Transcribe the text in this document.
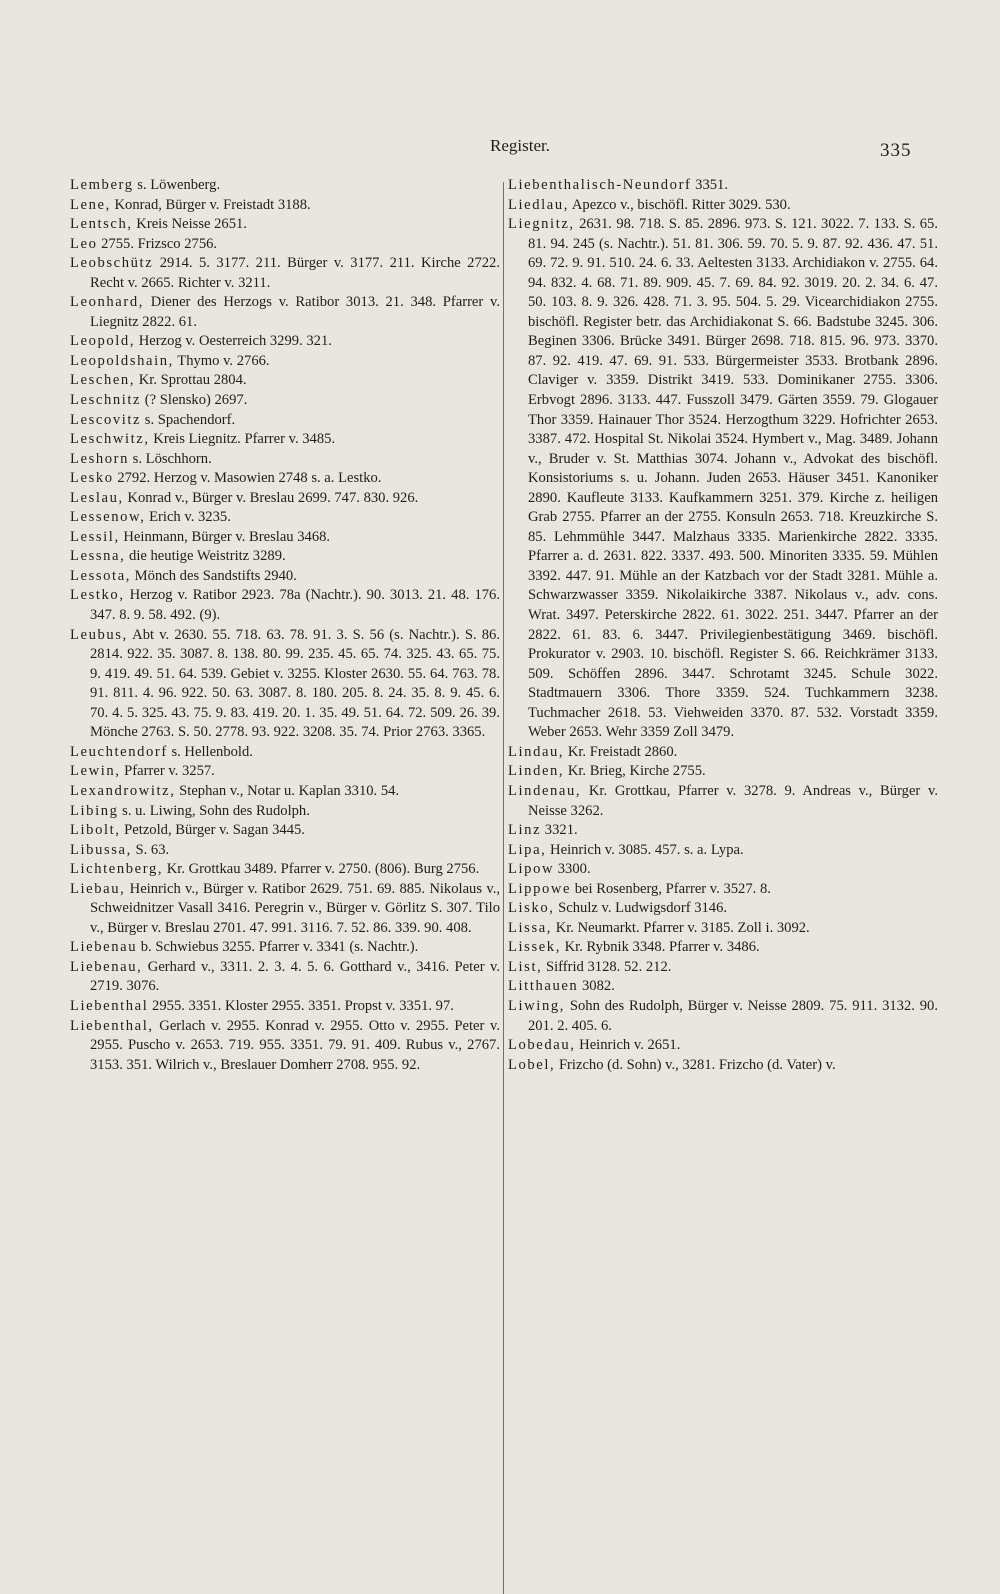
Register.	335
Lemberg s. Löwenberg.
Lene, Konrad, Bürger v. Freistadt 3188.
Lentsch, Kreis Neisse 2651.
Leo 2755. Frizsco 2756.
Leobschütz 2914. 5. 3177. 211. Bürger v. 3177. 211. Kirche 2722. Recht v. 2665. Richter v. 3211.
Leonhard, Diener des Herzogs v. Ratibor 3013. 21. 348. Pfarrer v. Liegnitz 2822. 61.
Leopold, Herzog v. Oesterreich 3299. 321.
Leopoldshain, Thymo v. 2766.
Leschen, Kr. Sprottau 2804.
Leschnitz (? Slensko) 2697.
Lescovitz s. Spachendorf.
Leschwitz, Kreis Liegnitz. Pfarrer v. 3485.
Leshorn s. Löschhorn.
Lesko 2792. Herzog v. Masowien 2748 s. a. Lestko.
Leslau, Konrad v., Bürger v. Breslau 2699. 747. 830. 926.
Lessenow, Erich v. 3235.
Lessil, Heinmann, Bürger v. Breslau 3468.
Lessna, die heutige Weistritz 3289.
Lessota, Mönch des Sandstifts 2940.
Lestko, Herzog v. Ratibor 2923. 78a (Nachtr.). 90. 3013. 21. 48. 176. 347. 8. 9. 58. 492. (9).
Leubus, Abt v. 2630. 55. 718. 63. 78. 91. 3. S. 56 (s. Nachtr.). S. 86. 2814. 922. 35. 3087. 8. 138. 80. 99. 235. 45. 65. 74. 325. 43. 65. 75. 9. 419. 49. 51. 64. 539. Gebiet v. 3255. Kloster 2630. 55. 64. 763. 78. 91. 811. 4. 96. 922. 50. 63. 3087. 8. 180. 205. 8. 24. 35. 8. 9. 45. 6. 70. 4. 5. 325. 43. 75. 9. 83. 419. 20. 1. 35. 49. 51. 64. 72. 509. 26. 39. Mönche 2763. S. 50. 2778. 93. 922. 3208. 35. 74. Prior 2763. 3365.
Leuchtendorf s. Hellenbold.
Lewin, Pfarrer v. 3257.
Lexandrowitz, Stephan v., Notar u. Kaplan 3310. 54.
Libing s. u. Liwing, Sohn des Rudolph.
Libolt, Petzold, Bürger v. Sagan 3445.
Libussa, S. 63.
Lichtenberg, Kr. Grottkau 3489. Pfarrer v. 2750. (806). Burg 2756.
Liebau, Heinrich v., Bürger v. Ratibor 2629. 751. 69. 885. Nikolaus v., Schweidnitzer Vasall 3416. Peregrin v., Bürger v. Görlitz S. 307. Tilo v., Bürger v. Breslau 2701. 47. 991. 3116. 7. 52. 86. 339. 90. 408.
Liebenau b. Schwiebus 3255. Pfarrer v. 3341 (s. Nachtr.).
Liebenau, Gerhard v., 3311. 2. 3. 4. 5. 6. Gotthard v., 3416. Peter v. 2719. 3076.
Liebenthal 2955. 3351. Kloster 2955. 3351. Propst v. 3351. 97.
Liebenthal, Gerlach v. 2955. Konrad v. 2955. Otto v. 2955. Peter v. 2955. Puscho v. 2653. 719. 955. 3351. 79. 91. 409. Rubus v., 2767. 3153. 351. Wilrich v., Breslauer Domherr 2708. 955. 92.
Liebenthalisch-Neundorf 3351.
Liedlau, Apezco v., bischöfl. Ritter 3029. 530.
Liegnitz, 2631. 98. 718. S. 85. 2896. 973. S. 121. 3022. 7. 133. S. 65. 81. 94. 245 (s. Nachtr.). 51. 81. 306. 59. 70. 5. 9. 87. 92. 436. 47. 51. 69. 72. 9. 91. 510. 24. 6. 33. Aeltesten 3133. Archidiakon v. 2755. 64. 94. 832. 4. 68. 71. 89. 909. 45. 7. 69. 84. 92. 3019. 20. 2. 34. 6. 47. 50. 103. 8. 9. 326. 428. 71. 3. 95. 504. 5. 29. Vicearchidiakon 2755. bischöfl. Register betr. das Archidiakonat S. 66. Badstube 3245. 306. Beginen 3306. Brücke 3491. Bürger 2698. 718. 815. 96. 973. 3370. 87. 92. 419. 47. 69. 91. 533. Bürgermeister 3533. Brotbank 2896. Claviger v. 3359. Distrikt 3419. 533. Dominikaner 2755. 3306. Erbvogt 2896. 3133. 447. Fusszoll 3479. Gärten 3559. 79. Glogauer Thor 3359. Hainauer Thor 3524. Herzogthum 3229. Hofrichter 2653. 3387. 472. Hospital St. Nikolai 3524. Hymbert v., Mag. 3489. Johann v., Bruder v. St. Matthias 3074. Johann v., Advokat des bischöfl. Konsistoriums s. u. Johann. Juden 2653. Häuser 3451. Kanoniker 2890. Kaufleute 3133. Kaufkammern 3251. 379. Kirche z. heiligen Grab 2755. Pfarrer an der 2755. Konsuln 2653. 718. Kreuzkirche S. 85. Lehmmühle 3447. Malzhaus 3335. Marienkirche 2822. 3335. Pfarrer a. d. 2631. 822. 3337. 493. 500. Minoriten 3335. 59. Mühlen 3392. 447. 91. Mühle an der Katzbach vor der Stadt 3281. Mühle a. Schwarzwasser 3359. Nikolaikirche 3387. Nikolaus v., adv. cons. Wrat. 3497. Peterskirche 2822. 61. 3022. 251. 3447. Pfarrer an der 2822. 61. 83. 6. 3447. Privilegienbestätigung 3469. bischöfl. Prokurator v. 2903. 10. bischöfl. Register S. 66. Reichkrämer 3133. 509. Schöffen 2896. 3447. Schrotamt 3245. Schule 3022. Stadtmauern 3306. Thore 3359. 524. Tuchkammern 3238. Tuchmacher 2618. 53. Viehweiden 3370. 87. 532. Vorstadt 3359. Weber 2653. Wehr 3359 Zoll 3479.
Lindau, Kr. Freistadt 2860.
Linden, Kr. Brieg, Kirche 2755.
Lindenau, Kr. Grottkau, Pfarrer v. 3278. 9. Andreas v., Bürger v. Neisse 3262.
Linz 3321.
Lipa, Heinrich v. 3085. 457. s. a. Lypa.
Lipow 3300.
Lippowe bei Rosenberg, Pfarrer v. 3527. 8.
Lisko, Schulz v. Ludwigsdorf 3146.
Lissa, Kr. Neumarkt. Pfarrer v. 3185. Zoll i. 3092.
Lissek, Kr. Rybnik 3348. Pfarrer v. 3486.
List, Siffrid 3128. 52. 212.
Litthauen 3082.
Liwing, Sohn des Rudolph, Bürger v. Neisse 2809. 75. 911. 3132. 90. 201. 2. 405. 6.
Lobedau, Heinrich v. 2651.
Lobel, Frizcho (d. Sohn) v., 3281. Frizcho (d. Vater) v.
